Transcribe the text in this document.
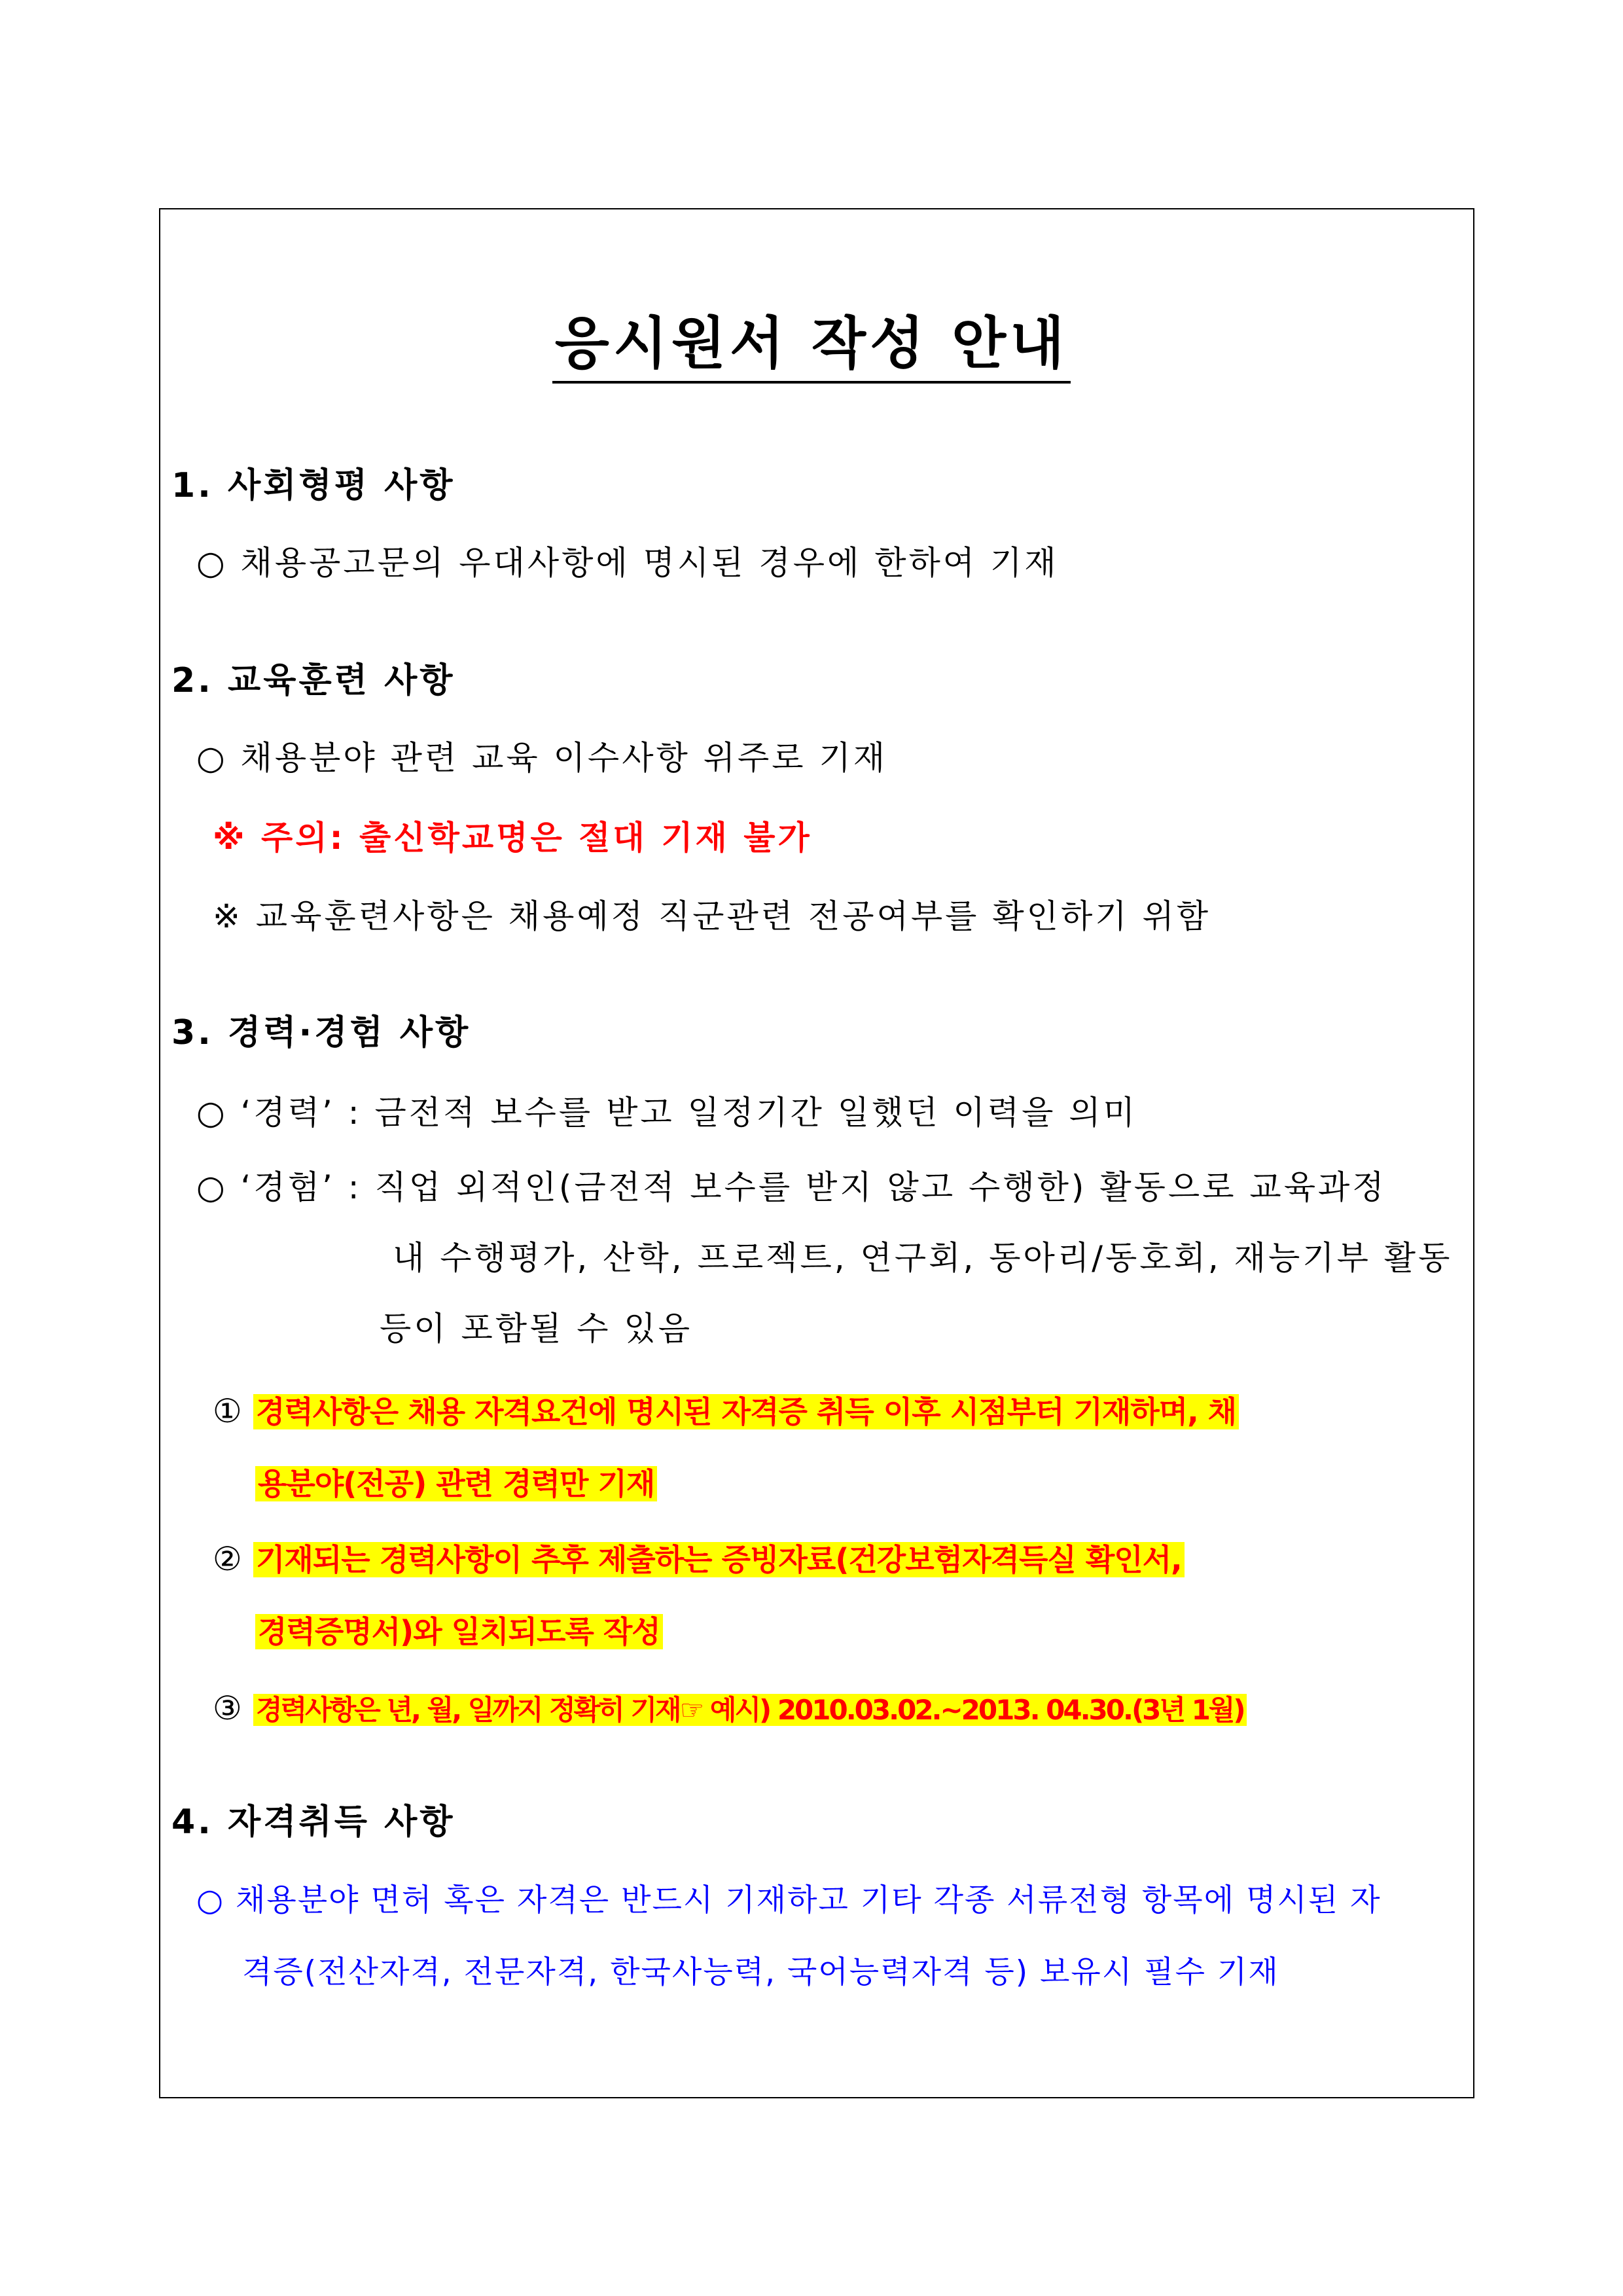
응시원서 작성 안내
1. 사회형평 사항
○ 채용공고문의 우대사항에 명시된 경우에 한하여 기재
2. 교육훈련 사항
○ 채용분야 관련 교육 이수사항 위주로 기재
※ 주의: 출신학교명은 절대 기재 불가
※ 교육훈련사항은 채용예정 직군관련 전공여부를 확인하기 위함
3. 경력·경험 사항
○ ‘경력’ : 금전적 보수를 받고 일정기간 일했던 이력을 의미
○ ‘경험’ : 직업 외적인(금전적 보수를 받지 않고 수행한) 활동으로 교육과정
내 수행평가, 산학, 프로젝트, 연구회, 동아리/동호회, 재능기부 활동
등이 포함될 수 있음
① 경력사항은 채용 자격요건에 명시된 자격증 취득 이후 시점부터 기재하며, 채
용분야(전공) 관련 경력만 기재
② 기재되는 경력사항이 추후 제출하는 증빙자료(건강보험자격득실 확인서,
경력증명서)와 일치되도록 작성
③ 경력사항은 년, 월, 일까지 정확히 기재☞ 예시) 2010.03.02.~2013. 04.30.(3년 1월)
4. 자격취득 사항
○ 채용분야 면허 혹은 자격은 반드시 기재하고 기타 각종 서류전형 항목에 명시된 자
격증(전산자격, 전문자격, 한국사능력, 국어능력자격 등) 보유시 필수 기재
